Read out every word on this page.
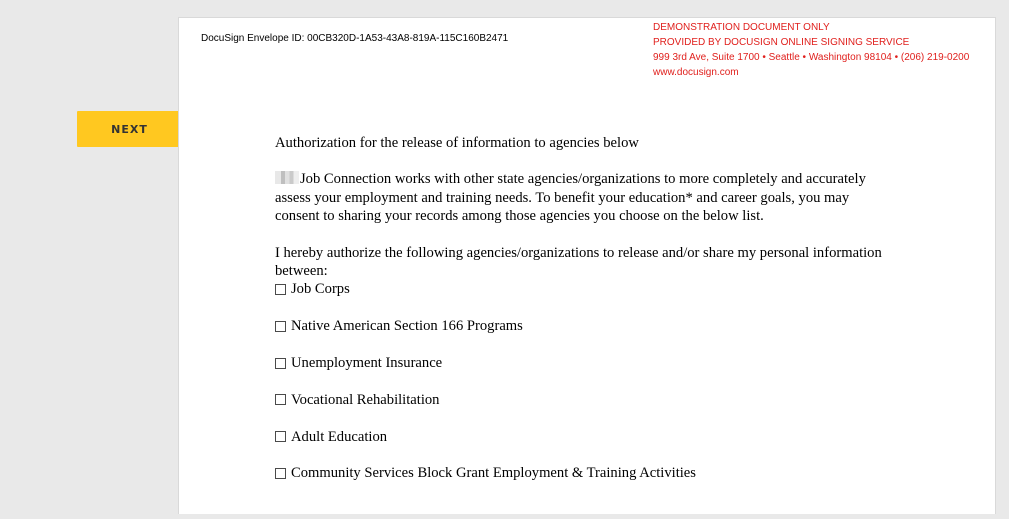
NEXT
DocuSign Envelope ID: 00CB320D-1A53-43A8-819A-115C160B2471
DEMONSTRATION DOCUMENT ONLY
PROVIDED BY DOCUSIGN ONLINE SIGNING SERVICE
999 3rd Ave, Suite 1700 • Seattle • Washington 98104 • (206) 219-0200
www.docusign.com

Authorization for the release of information to agencies below

Job Connection works with other state agencies/organizations to more completely and accurately assess your employment and training needs. To benefit your education* and career goals, you may consent to sharing your records among those agencies you choose on the below list.

I hereby authorize the following agencies/organizations to release and/or share my personal information between:

Job Corps
Native American Section 166 Programs
Unemployment Insurance
Vocational Rehabilitation
Adult Education
Community Services Block Grant Employment & Training Activities
